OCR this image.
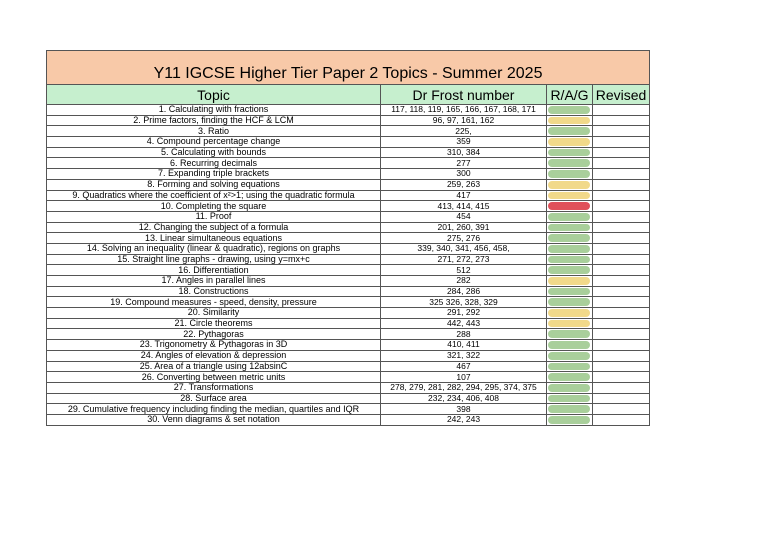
Y11 IGCSE Higher Tier Paper 2 Topics - Summer 2025			
Topic	Dr Frost number	R/A/G	Revised
1. Calculating with fractions	117, 118, 119, 165, 166, 167, 168, 171	

2. Prime factors, finding the HCF & LCM	96, 97, 161, 162	

3. Ratio	225,	

4. Compound percentage change	359	

5. Calculating with bounds	310, 384	

6. Recurring decimals	277	

7. Expanding triple brackets	300	

8. Forming and solving equations	259, 263	

9. Quadratics where the coefficient of x²>1; using the quadratic formula	417	

10. Completing the square	413, 414, 415	

11. Proof	454	

12. Changing the subject of a formula	201, 260, 391	

13. Linear simultaneous equations	275, 276	

14. Solving an inequality (linear & quadratic), regions on graphs	339, 340, 341, 456, 458,	

15. Straight line graphs - drawing, using y=mx+c	271, 272, 273	

16. Differentiation	512	

17. Angles in parallel lines	282	

18. Constructions	284, 286	

19. Compound measures - speed, density, pressure	325 326, 328, 329	

20. Similarity	291, 292	

21. Circle theorems	442, 443	

22. Pythagoras	288	

23. Trigonometry & Pythagoras in 3D	410, 411	

24. Angles of elevation & depression	321, 322	

25. Area of a triangle using 12absinC	467	

26. Converting between metric units	107	

27. Transformations	278, 279, 281, 282, 294, 295, 374, 375	

28. Surface area	232, 234, 406, 408	

29. Cumulative frequency including finding the median, quartiles and IQR	398	

30. Venn diagrams & set notation	242, 243	
